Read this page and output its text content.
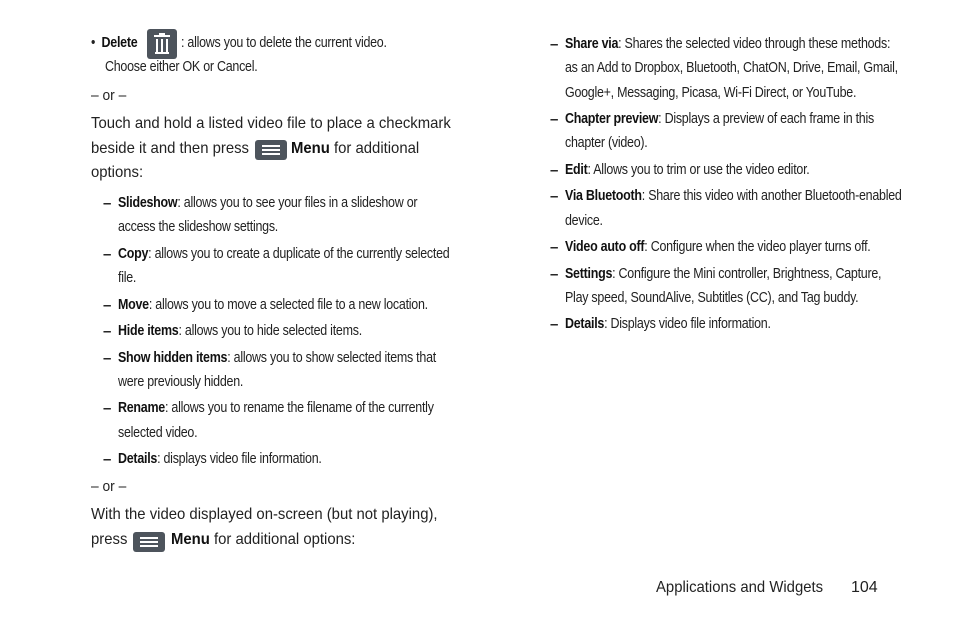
• Delete	: allows you to delete the current video.
Choose either OK or Cancel.
– or –
Touch and hold a listed video file to place a checkmark
beside it and then press	Menu for additional
options:
– Slideshow: allows you to see your files in a slideshow or
access the slideshow settings.
– Copy: allows you to create a duplicate of the currently selected
file.
– Move: allows you to move a selected file to a new location.
– Hide items: allows you to hide selected items.
– Show hidden items: allows you to show selected items that
were previously hidden.
– Rename: allows you to rename the filename of the currently
selected video.
– Details: displays video file information.
– or –
With the video displayed on-screen (but not playing),
press	Menu for additional options:
– Share via: Shares the selected video through these methods:
as an Add to Dropbox, Bluetooth, ChatON, Drive, Email, Gmail,
Google+, Messaging, Picasa, Wi-Fi Direct, or YouTube.
– Chapter preview: Displays a preview of each frame in this
chapter (video).
– Edit: Allows you to trim or use the video editor.
– Via Bluetooth: Share this video with another Bluetooth-enabled
device.
– Video auto off: Configure when the video player turns off.
– Settings: Configure the Mini controller, Brightness, Capture,
Play speed, SoundAlive, Subtitles (CC), and Tag buddy.
– Details: Displays video file information.
Applications and Widgets 104
